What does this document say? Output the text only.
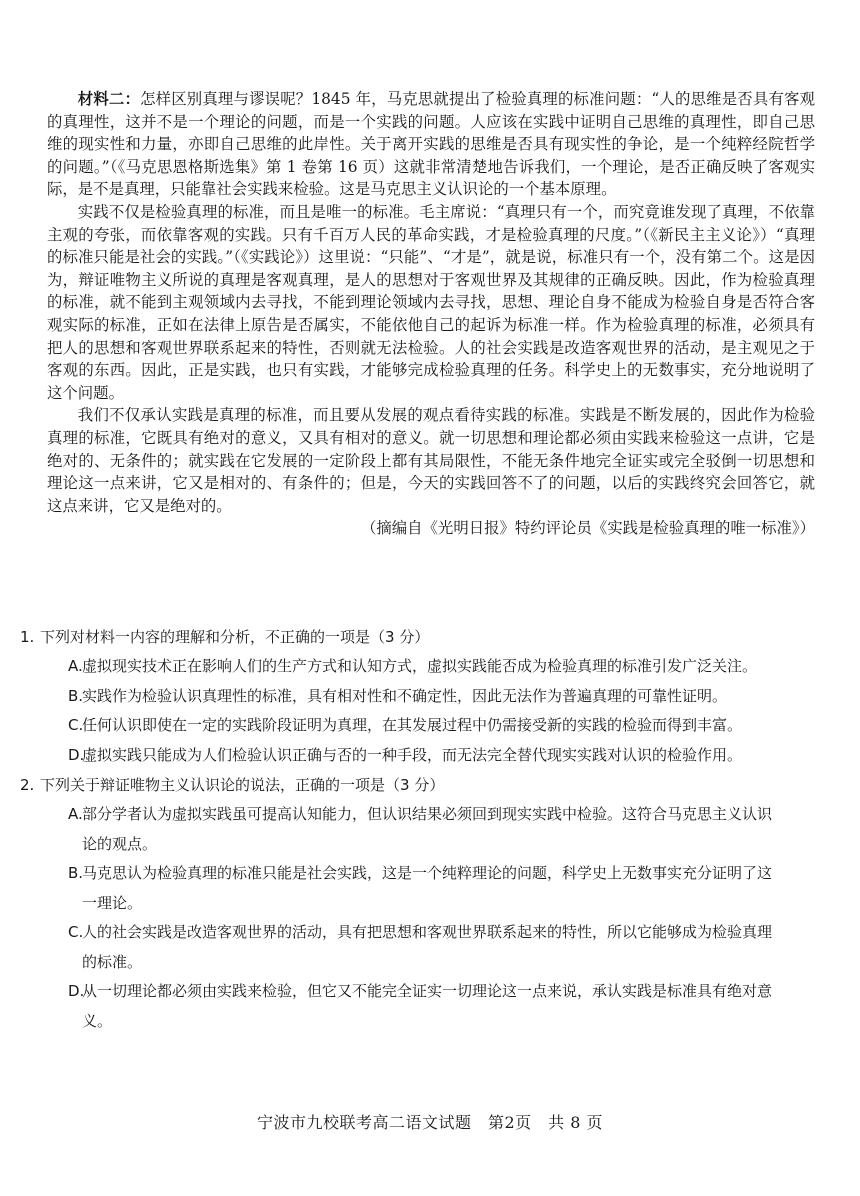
材料二：怎样区别真理与谬误呢？1845 年，马克思就提出了检验真理的标准问题：“人的思维是否具有客观的真理性，这并不是一个理论的问题，而是一个实践的问题。人应该在实践中证明自己思维的真理性，即自己思维的现实性和力量，亦即自己思维的此岸性。关于离开实践的思维是否具有现实性的争论，是一个纯粹经院哲学的问题。”（《马克思恩格斯选集》第 1 卷第 16 页）这就非常清楚地告诉我们，一个理论，是否正确反映了客观实际，是不是真理，只能靠社会实践来检验。这是马克思主义认识论的一个基本原理。

实践不仅是检验真理的标准，而且是唯一的标准。毛主席说：“真理只有一个，而究竟谁发现了真理，不依靠主观的夸张，而依靠客观的实践。只有千百万人民的革命实践，才是检验真理的尺度。”（《新民主主义论》）“真理的标准只能是社会的实践。”（《实践论》）这里说：“只能”、“才是”，就是说，标准只有一个，没有第二个。这是因为，辩证唯物主义所说的真理是客观真理，是人的思想对于客观世界及其规律的正确反映。因此，作为检验真理的标准，就不能到主观领域内去寻找，不能到理论领域内去寻找，思想、理论自身不能成为检验自身是否符合客观实际的标准，正如在法律上原告是否属实，不能依他自己的起诉为标准一样。作为检验真理的标准，必须具有把人的思想和客观世界联系起来的特性，否则就无法检验。人的社会实践是改造客观世界的活动，是主观见之于客观的东西。因此，正是实践，也只有实践，才能够完成检验真理的任务。科学史上的无数事实，充分地说明了这个问题。

我们不仅承认实践是真理的标准，而且要从发展的观点看待实践的标准。实践是不断发展的，因此作为检验真理的标准，它既具有绝对的意义，又具有相对的意义。就一切思想和理论都必须由实践来检验这一点讲，它是绝对的、无条件的；就实践在它发展的一定阶段上都有其局限性，不能无条件地完全证实或完全驳倒一切思想和理论这一点来讲，它又是相对的、有条件的；但是，今天的实践回答不了的问题，以后的实践终究会回答它，就这点来讲，它又是绝对的。

（摘编自《光明日报》特约评论员《实践是检验真理的唯一标准》）

1. 下列对材料一内容的理解和分析，不正确的一项是（3 分）

A. 虚拟现实技术正在影响人们的生产方式和认知方式，虚拟实践能否成为检验真理的标准引发广泛关注。

B.
实践作为检验认识真理性的标准，具有相对性和不确定性，因此无法作为普遍真理的可靠性证明。

C.
任何认识即使在一定的实践阶段证明为真理，在其发展过程中仍需接受新的实践的检验而得到丰富。

D.
虚拟实践只能成为人们检验认识正确与否的一种手段，而无法完全替代现实实践对认识的检验作用。

2. 下列关于辩证唯物主义认识论的说法，正确的一项是（3 分）

A. 部分学者认为虚拟实践虽可提高认知能力，但认识结果必须回到现实实践中检验。这符合马克思主义认识论的观点。

B.
马克思认为检验真理的标准只能是社会实践，这是一个纯粹理论的问题，科学史上无数事实充分证明了这一理论。

C.
人的社会实践是改造客观世界的活动，具有把思想和客观世界联系起来的特性，所以它能够成为检验真理的标准。

D.
从一切理论都必须由实践来检验，但它又不能完全证实一切理论这一点来说，承认实践是标准具有绝对意义。

宁波市九校联考高二语文试题　第2页　共 8 页
